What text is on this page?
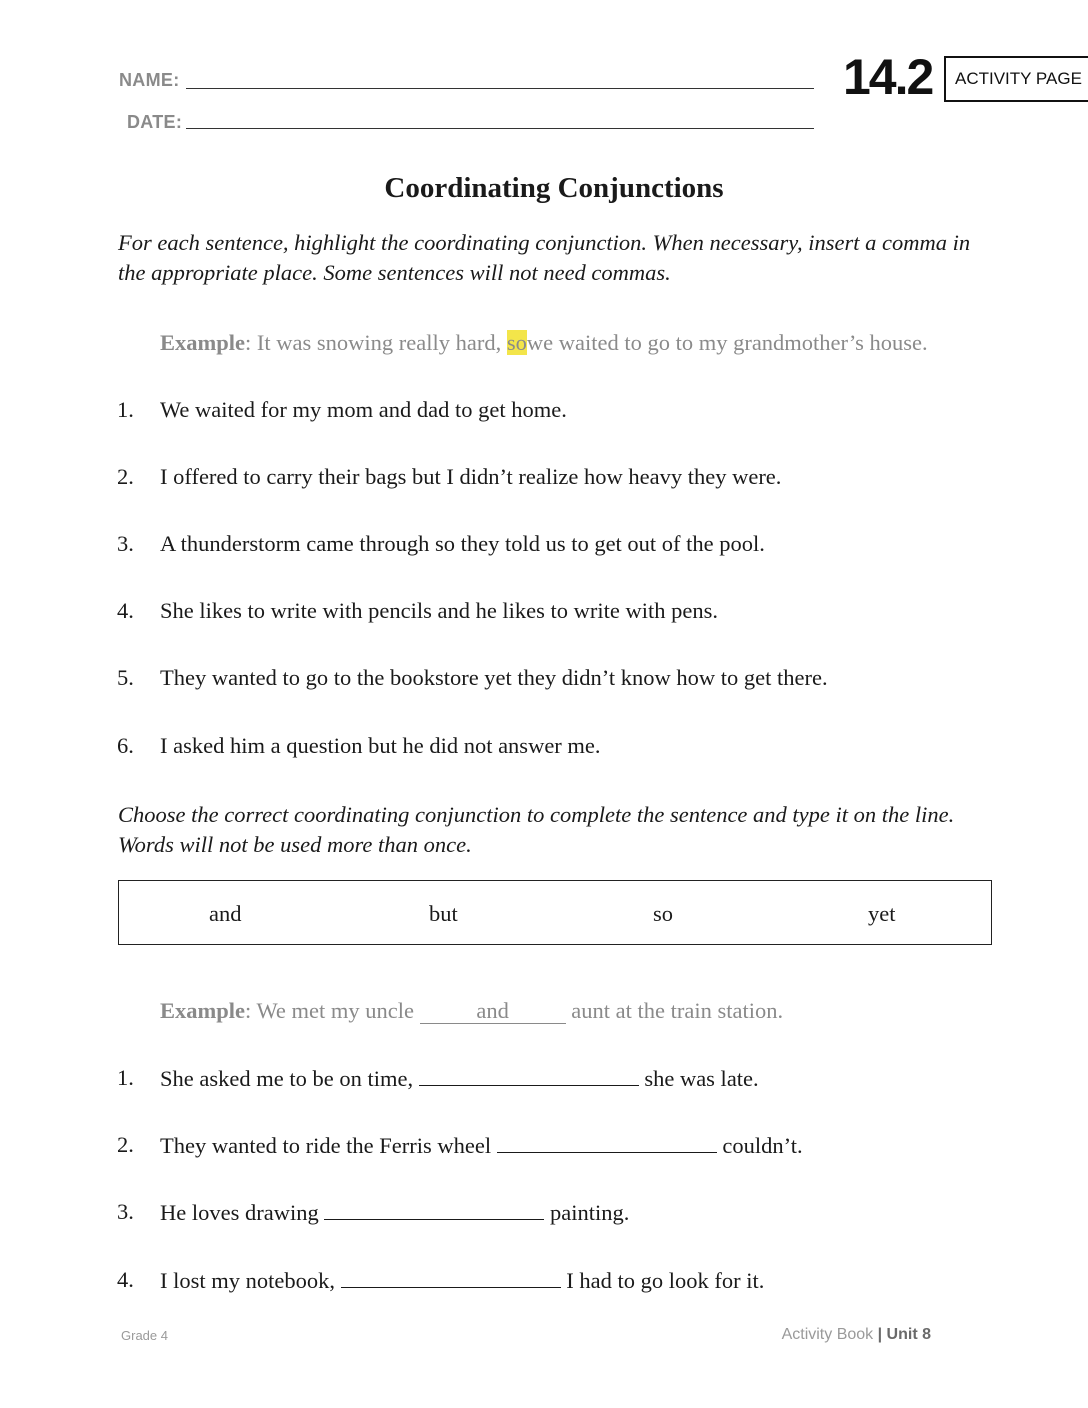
NAME:
DATE:
14.2 ACTIVITY PAGE
Coordinating Conjunctions
For each sentence, highlight the coordinating conjunction. When necessary, insert a comma in the appropriate place. Some sentences will not need commas.
Example: It was snowing really hard, sowe waited to go to my grandmother’s house.
1.	We waited for my mom and dad to get home.
2.	I offered to carry their bags but I didn’t realize how heavy they were.
3.	A thunderstorm came through so they told us to get out of the pool.
4.	She likes to write with pencils and he likes to write with pens.
5.	They wanted to go to the bookstore yet they didn’t know how to get there.
6.	I asked him a question but he did not answer me.
Choose the correct coordinating conjunction to complete the sentence and type it on the line. Words will not be used more than once.
and	but	so	yet
Example: We met my uncle	and	aunt at the train station.
1.	She asked me to be on time,	she was late.
2.	They wanted to ride the Ferris wheel	couldn’t.
3.	He loves drawing	painting.
4.	I lost my notebook,	I had to go look for it.
Grade 4	Activity Book | Unit 8
